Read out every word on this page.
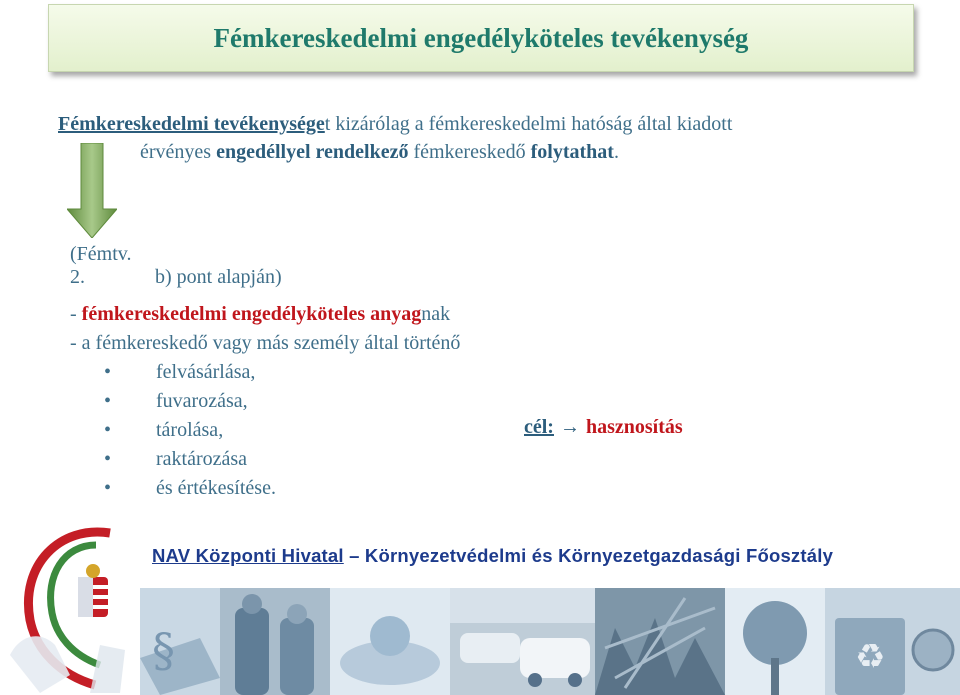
Fémkereskedelmi engedélyköteles tevékenység
Fémkereskedelmi tevékenységet kizárólag a fémkereskedelmi hatóság által kiadott
érvényes engedéllyel rendelkező fémkereskedő folytathat.
(Fémtv. 2.	b) pont alapján)
- fémkereskedelmi engedélyköteles anyagnak
- a fémkereskedő vagy más személy által történő
• felvásárlása,
• fuvarozása,
• tárolása,
• raktározása
• és értékesítése.
cél: → hasznosítás
NAV Központi Hivatal – Környezetvédelmi és Környezetgazdasági Főosztály
§	♻
